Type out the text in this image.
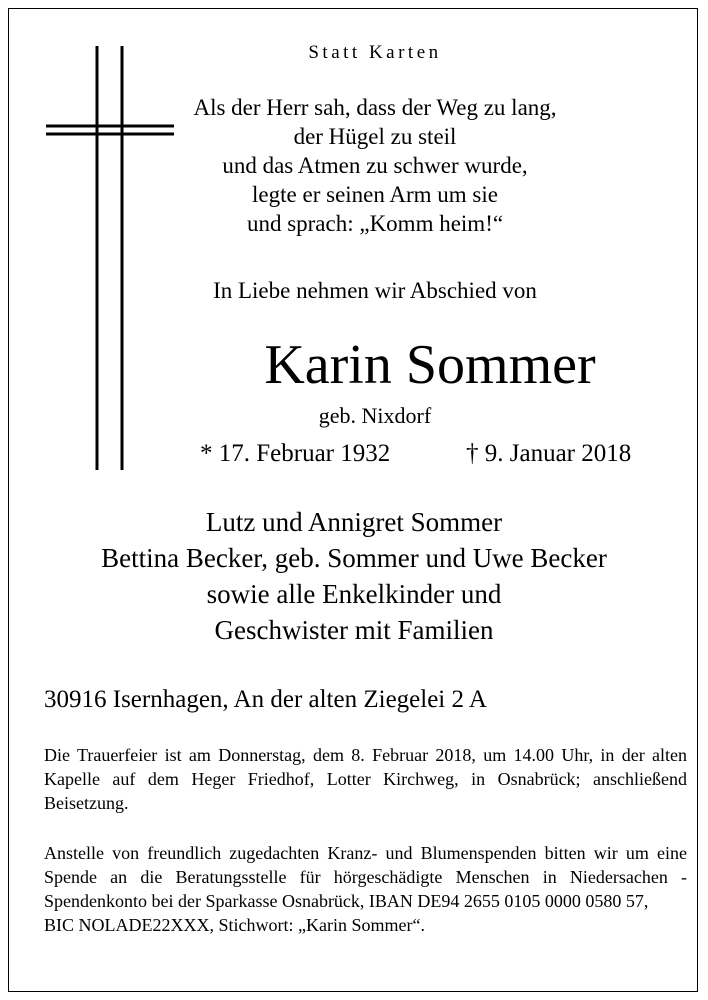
Statt Karten
Als der Herr sah, dass der Weg zu lang,
der Hügel zu steil
und das Atmen zu schwer wurde,
legte er seinen Arm um sie
und sprach: „Komm heim!“
In Liebe nehmen wir Abschied von
Karin Sommer
geb. Nixdorf
* 17. Februar 1932	† 9. Januar 2018
Lutz und Annigret Sommer
Bettina Becker, geb. Sommer und Uwe Becker
sowie alle Enkelkinder und
Geschwister mit Familien
30916 Isernhagen, An der alten Ziegelei 2 A

Die Trauerfeier ist am Donnerstag, dem 8. Februar 2018, um 14.00 Uhr, in der alten Kapelle auf dem Heger Friedhof, Lotter Kirchweg, in Osnabrück; anschließend Beisetzung.

Anstelle von freundlich zugedachten Kranz- und Blumenspenden bitten wir um eine Spende an die Beratungsstelle für hörgeschädigte Menschen in Niedersachen - Spendenkonto bei der Sparkasse Osnabrück, IBAN DE94 2655 0105 0000 0580 57,
BIC NOLADE22XXX, Stichwort: „Karin Sommer“.
